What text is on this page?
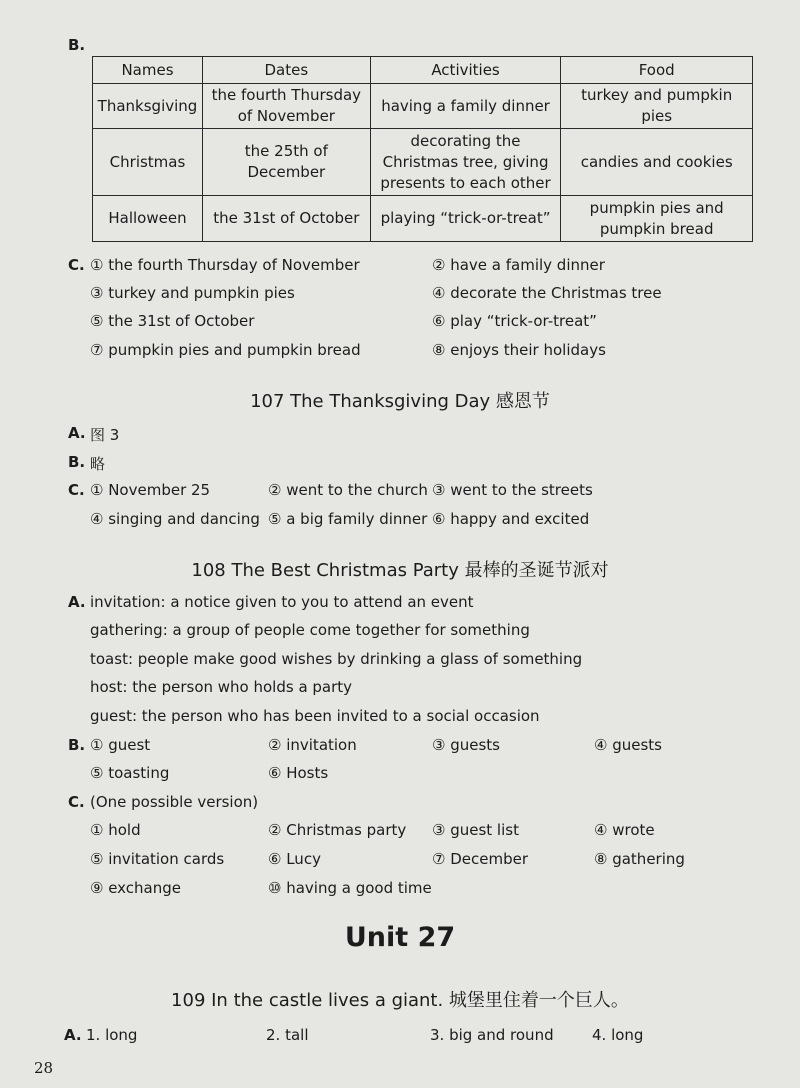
B.
Names	Dates	Activities	Food
Thanksgiving	the fourth Thursday of November	having a family dinner	turkey and pumpkin pies
Christmas	the 25th of December	decorating the Christmas tree, giving presents to each other	candies and cookies
Halloween	the 31st of October	playing “trick-or-treat”	pumpkin pies and pumpkin bread
C. ① the fourth Thursday of November	② have a family dinner
③ turkey and pumpkin pies	④ decorate the Christmas tree
⑤ the 31st of October	⑥ play “trick-or-treat”
⑦ pumpkin pies and pumpkin bread	⑧ enjoys their holidays
107 The Thanksgiving Day 感恩节
A. 图 3
B. 略
C. ① November 25	② went to the church ③ went to the streets
④ singing and dancing ⑤ a big family dinner ⑥ happy and excited
108 The Best Christmas Party 最棒的圣诞节派对
A. invitation: a notice given to you to attend an event
gathering: a group of people come together for something
toast: people make good wishes by drinking a glass of something
host: the person who holds a party
guest: the person who has been invited to a social occasion
B. ① guest	② invitation	③ guests	④ guests
⑤ toasting	⑥ Hosts
C. (One possible version)
① hold	② Christmas party ③ guest list	④ wrote
⑤ invitation cards	⑥ Lucy	⑦ December	⑧ gathering
⑨ exchange	⑩ having a good time
Unit 27
109 In the castle lives a giant. 城堡里住着一个巨人。
A. 1. long	2. tall	3. big and round	4. long
28
